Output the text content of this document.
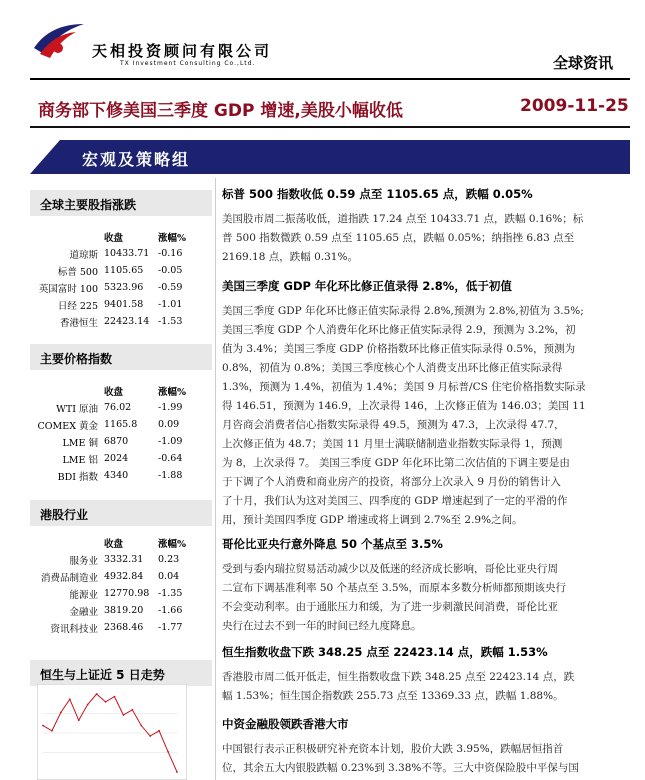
天相投资顾问有限公司
TX Investment Consulting Co.,Ltd.	全球资讯
商务部下修美国三季度 GDP 增速,美股小幅收低	2009-11-25
宏观及策略组
全球主要股指涨跌
	收盘	涨幅%
道琼斯	10433.71	-0.16
标普 500	1105.65	-0.05
英国富时 100	5323.96	-0.59
日经 225	9401.58	-1.01
香港恒生	22423.14	-1.53
主要价格指数
	收盘	涨幅%
WTI 原油	76.02	-1.99
COMEX 黄金	1165.8	0.09
LME 铜	6870	-1.09
LME 铝	2024	-0.64
BDI 指数	4340	-1.88
港股行业
	收盘	涨幅%
服务业	3332.31	0.23
消费品制造业	4932.84	0.04
能源业	12770.98	-1.35
金融业	3819.20	-1.66
资讯科技业	2368.46	-1.77
恒生与上证近 5 日走势
标普 500 指数收低 0.59 点至 1105.65 点，跌幅 0.05%
美国股市周二振荡收低，道指跌 17.24 点至 10433.71 点，跌幅 0.16%；标
普 500 指数微跌 0.59 点至 1105.65 点，跌幅 0.05%；纳指挫 6.83 点至
2169.18 点，跌幅 0.31%。
美国三季度 GDP 年化环比修正值录得 2.8%，低于初值
美国三季度 GDP 年化环比修正值实际录得 2.8%,预测为 2.8%,初值为 3.5%;
美国三季度 GDP 个人消费年化环比修正值实际录得 2.9，预测为 3.2%，初
值为 3.4%；美国三季度 GDP 价格指数环比修正值实际录得 0.5%，预测为
0.8%，初值为 0.8%；美国三季度核心个人消费支出环比修正值实际录得
1.3%，预测为 1.4%，初值为 1.4%；美国 9 月标普/CS 住宅价格指数实际录
得 146.51，预测为 146.9，上次录得 146，上次修正值为 146.03；美国 11
月咨商会消费者信心指数实际录得 49.5，预测为 47.3，上次录得 47.7，
上次修正值为 48.7；美国 11 月里士满联储制造业指数实际录得 1，预测
为 8，上次录得 7。 美国三季度 GDP 年化环比第二次估值的下调主要是由
于下调了个人消费和商业房产的投资，将部分上次录入 9 月份的销售计入
了十月，我们认为这对美国三、四季度的 GDP 增速起到了一定的平滑的作
用，预计美国四季度 GDP 增速或将上调到 2.7%至 2.9%之间。
哥伦比亚央行意外降息 50 个基点至 3.5%
受到与委内瑞拉贸易活动减少以及低迷的经济成长影响，哥伦比亚央行周
二宣布下调基准利率 50 个基点至 3.5%，而原本多数分析师都预期该央行
不会变动利率。由于通胀压力和缓，为了进一步刺激民间消费，哥伦比亚
央行在过去不到一年的时间已经九度降息。
恒生指数收盘下跌 348.25 点至 22423.14 点，跌幅 1.53%
香港股市周二低开低走，恒生指数收盘下跌 348.25 点至 22423.14 点，跌
幅 1.53%；恒生国企指数跌 255.73 点至 13369.33 点，跌幅 1.88%。
中资金融股领跌香港大市
中国银行表示正积极研究补充资本计划，股价大跌 3.95%，跌幅居恒指首
位，其余五大内银股跌幅 0.23%到 3.38%不等。三大中资保险股中平保与国
